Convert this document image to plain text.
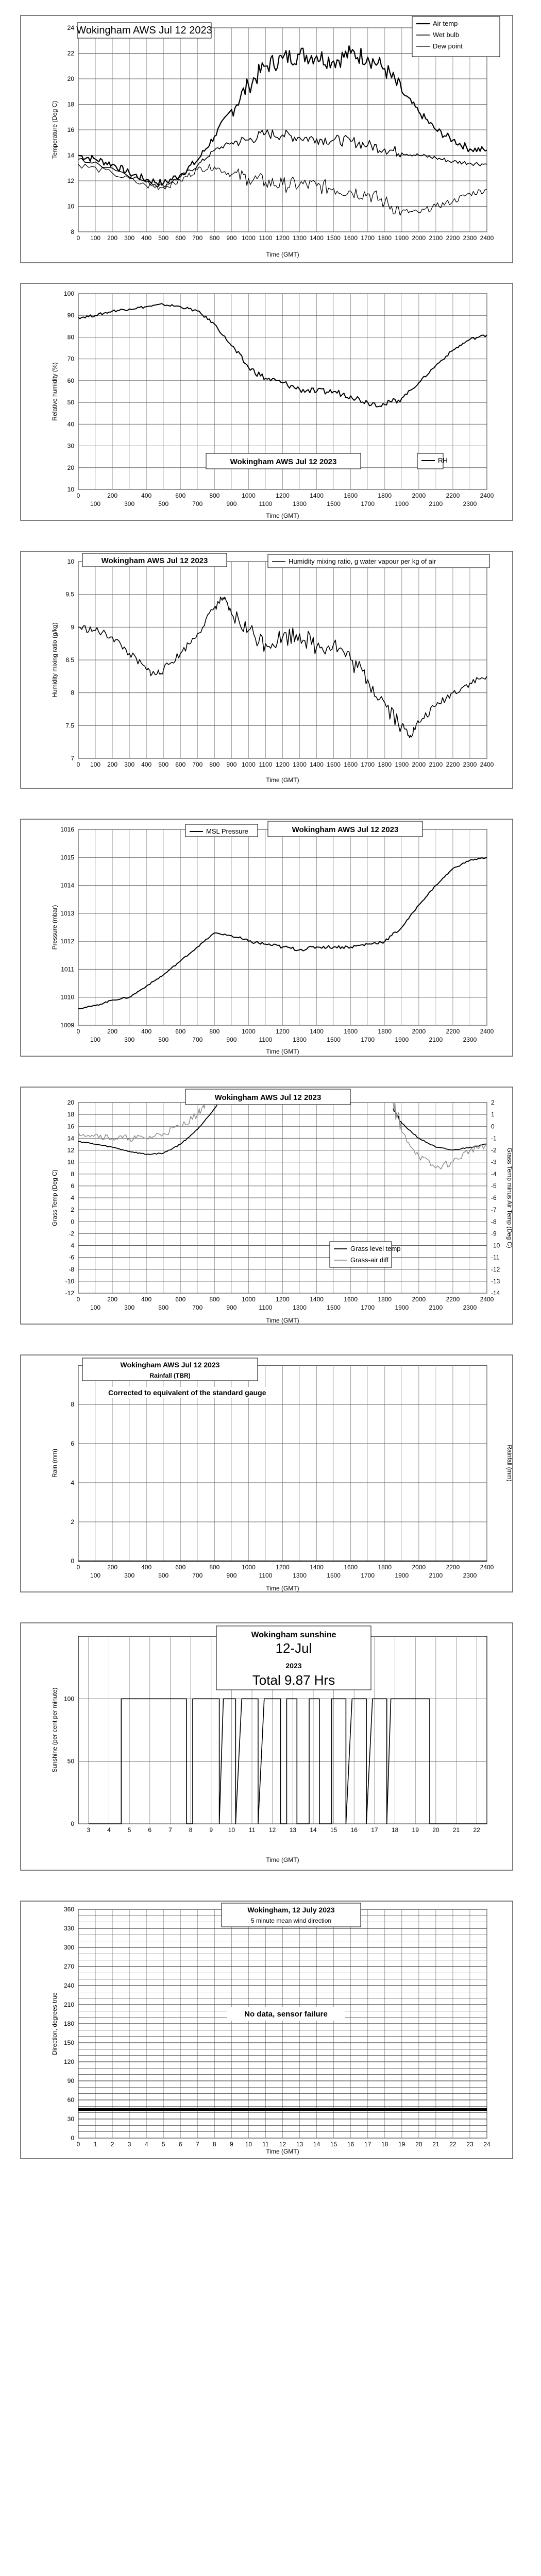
0 100 200 300 400 500 600 700 800 900 1000 1100 1200 1300 1400 1500 1600 1700 1800 1900 2000 2100 2200 2300 2400
8
10
12
14
16
18
20
22
24
Time (GMT)
Temperature (Deg C)
Wokingham AWS Jul 12 2023
Air temp
Wet bulb
Dew point
0	200	400	600	800	1000	1200	1400	1600	1800	2000	2200	2400
100	300	500	700	900	1100	1300	1500	1700	1900	2100	2300
10
20
30
40
50
60
70
80
90
100
Time (GMT)
Relative humidity (%)
Wokingham AWS Jul 12 2023	RH
0 100 200 300 400 500 600 700 800 900 1000 1100 1200 1300 1400 1500 1600 1700 1800 1900 2000 2100 2200 2300 2400
7
7.5
8
8.5
9
9.5
10
Time (GMT)
Humidity mixing ratio (g/kg)
Wokingham AWS Jul 12 2023	Humidity mixing ratio, g water vapour per kg of air
0	200	400	600	800	1000	1200	1400	1600	1800	2000	2200	2400
100	300	500	700	900	1100	1300	1500	1700	1900	2100	2300
1009
1010
1011
1012
1013
1014
1015
1016
Time (GMT)
Pressure (mbar)
Wokingham AWS Jul 12 2023
MSL Pressure
0	200	400	600	800	1000	1200	1400	1600	1800	2000	2200	2400
100	300	500	700	900	1100	1300	1500	1700	1900	2100	2300
-12
-10
-8
-6
-4
-2
0
2
4
6
8
10
12
14
16
18
20
-14
-13
-12
-11
-10
-9
-8
-7
-6
-5
-4
-3
-2
-1
0
1
2
Grass Temp minus Air Temp (Deg C)
Time (GMT)
Grass Temp (Deg C)
Wokingham AWS Jul 12 2023
Grass level temp
Grass-air diff
0	200	400	600	800	1000	1200	1400	1600	1800	2000	2200	2400
100	300	500	700	900	1100	1300	1500	1700	1900	2100	2300
0
2
4
6
8
Rainfall (mm)
Time (GMT)
Rain (mm)
Wokingham AWS Jul 12 2023
Rainfall (TBR)
Corrected to equivalent of the standard gauge
3	4	5	6	7	8	9 10 11 12 13 14 15 16 17 18 19 20 21 22
0
50
100
Time (GMT)
Sunshine (per cent per minute)
Wokingham sunshine
12-Jul
2023
Total 9.87 Hrs
0 1 2 3 4 5 6 7 8 9 10 11 12 13 14 15 16 17 18 19 20 21 22 23 24
0
30
60
90
120
150
180
210
240
270
300
330
360
Time (GMT)
Direction, degrees true
Wokingham, 12 July 2023
5 minute mean wind direction
No data, sensor failure
